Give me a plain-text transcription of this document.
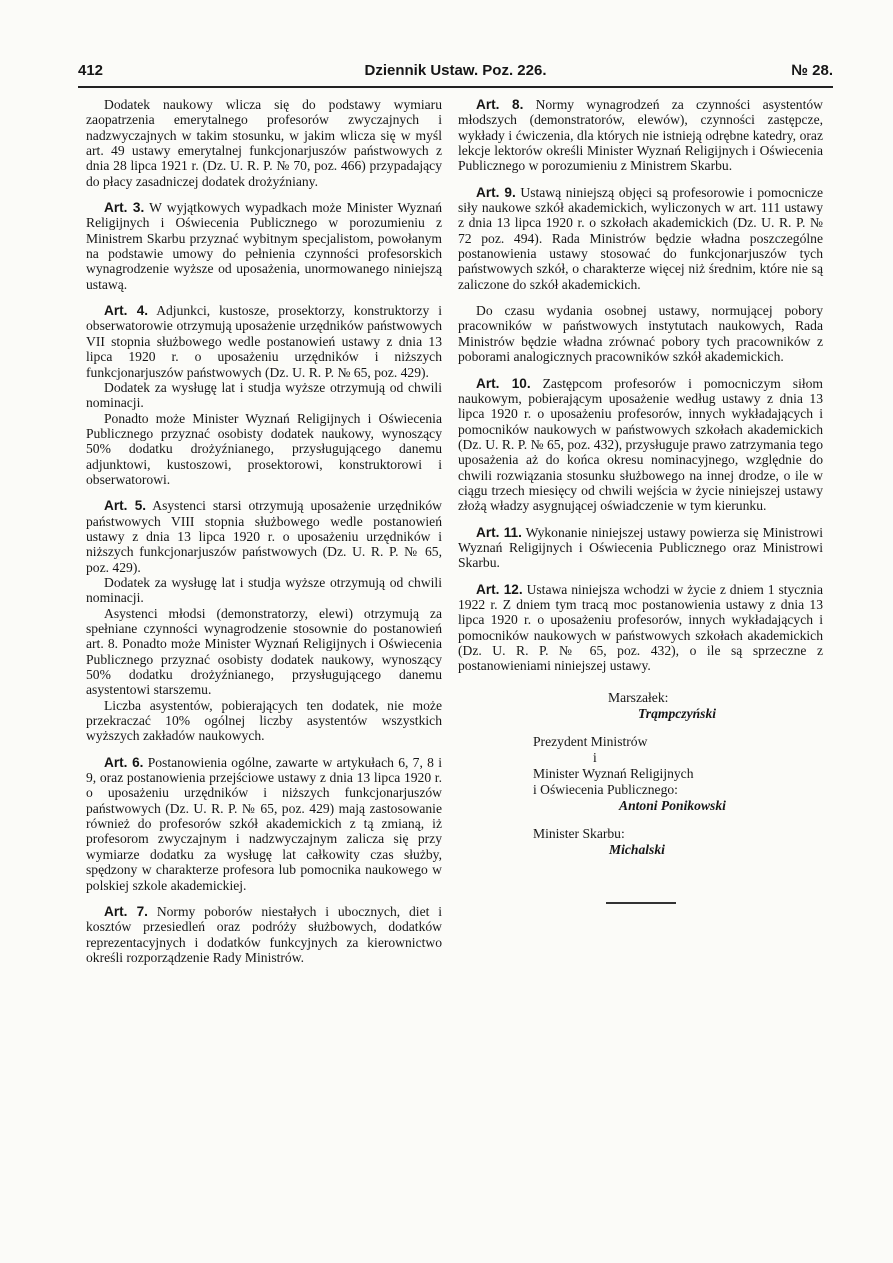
412	Dziennik Ustaw. Poz. 226.	№ 28.

Dodatek naukowy wlicza się do podstawy wymiaru zaopatrzenia emerytalnego profesorów zwyczajnych i nadzwyczajnych w takim stosunku, w jakim wlicza się w myśl art. 49 ustawy emerytalnej funkcjonarjuszów państwowych z dnia 28 lipca 1921 r. (Dz. U. R. P. № 70, poz. 466) przypadający do płacy zasadniczej dodatek drożyźniany.

Art. 3. W wyjątkowych wypadkach może Minister Wyznań Religijnych i Oświecenia Publicznego w porozumieniu z Ministrem Skarbu przyznać wybitnym specjalistom, powołanym na podstawie umowy do pełnienia czynności profesorskich wynagrodzenie wyższe od uposażenia, unormowanego niniejszą ustawą.

Art. 4. Adjunkci, kustosze, prosektorzy, konstruktorzy i obserwatorowie otrzymują uposażenie urzędników państwowych VII stopnia służbowego wedle postanowień ustawy z dnia 13 lipca 1920 r. o uposażeniu urzędników i niższych funkcjonarjuszów państwowych (Dz. U. R. P. № 65, poz. 429).

Dodatek za wysługę lat i studja wyższe otrzymują od chwili nominacji.

Ponadto może Minister Wyznań Religijnych i Oświecenia Publicznego przyznać osobisty dodatek naukowy, wynoszący 50% dodatku drożyźnianego, przysługującego danemu adjunktowi, kustoszowi, prosektorowi, konstruktorowi i obserwatorowi.

Art. 5. Asystenci starsi otrzymują uposażenie urzędników państwowych VIII stopnia służbowego wedle postanowień ustawy z dnia 13 lipca 1920 r. o uposażeniu urzędników i niższych funkcjonarjuszów państwowych (Dz. U. R. P. № 65, poz. 429).

Dodatek za wysługę lat i studja wyższe otrzymują od chwili nominacji.

Asystenci młodsi (demonstratorzy, elewi) otrzymują za spełniane czynności wynagrodzenie stosownie do postanowień art. 8. Ponadto może Minister Wyznań Religijnych i Oświecenia Publicznego przyznać osobisty dodatek naukowy, wynoszący 50% dodatku drożyźnianego, przysługującego danemu asystentowi starszemu.

Liczba asystentów, pobierających ten dodatek, nie może przekraczać 10% ogólnej liczby asystentów wszystkich wyższych zakładów naukowych.

Art. 6. Postanowienia ogólne, zawarte w artykułach 6, 7, 8 i 9, oraz postanowienia przejściowe ustawy z dnia 13 lipca 1920 r. o uposażeniu urzędników i niższych funkcjonarjuszów państwowych (Dz. U. R. P. № 65, poz. 429) mają zastosowanie również do profesorów szkół akademickich z tą zmianą, iż profesorom zwyczajnym i nadzwyczajnym zalicza się przy wymiarze dodatku za wysługę lat całkowity czas służby, spędzony w charakterze profesora lub pomocnika naukowego w polskiej szkole akademickiej.

Art. 7. Normy poborów niestałych i ubocznych, diet i kosztów przesiedleń oraz podróży służbowych, dodatków reprezentacyjnych i dodatków funkcyjnych za kierownictwo określi rozporządzenie Rady Ministrów.

Art. 8. Normy wynagrodzeń za czynności asystentów młodszych (demonstratorów, elewów), czynności zastępcze, wykłady i ćwiczenia, dla których nie istnieją odrębne katedry, oraz lekcje lektorów określi Minister Wyznań Religijnych i Oświecenia Publicznego w porozumieniu z Ministrem Skarbu.

Art. 9. Ustawą niniejszą objęci są profesorowie i pomocnicze siły naukowe szkół akademickich, wyliczonych w art. 111 ustawy z dnia 13 lipca 1920 r. o szkołach akademickich (Dz. U. R. P. № 72 poz. 494). Rada Ministrów będzie władna poszczególne postanowienia ustawy stosować do funkcjonarjuszów tych państwowych szkół, o charakterze więcej niż średnim, które nie są zaliczone do szkół akademickich.

Do czasu wydania osobnej ustawy, normującej pobory pracowników w państwowych instytutach naukowych, Rada Ministrów będzie władna zrównać pobory tych pracowników z poborami analogicznych pracowników szkół akademickich.

Art. 10. Zastępcom profesorów i pomocniczym siłom naukowym, pobierającym uposażenie według ustawy z dnia 13 lipca 1920 r. o uposażeniu profesorów, innych wykładających i pomocników naukowych w państwowych szkołach akademickich (Dz. U. R. P. № 65, poz. 432), przysługuje prawo zatrzymania tego uposażenia aż do końca okresu nominacyjnego, względnie do chwili rozwiązania stosunku służbowego na innej drodze, o ile w ciągu trzech miesięcy od chwili wejścia w życie niniejszej ustawy złożą władzy asygnującej oświadczenie w tym kierunku.

Art. 11. Wykonanie niniejszej ustawy powierza się Ministrowi Wyznań Religijnych i Oświecenia Publicznego oraz Ministrowi Skarbu.

Art. 12. Ustawa niniejsza wchodzi w życie z dniem 1 stycznia 1922 r. Z dniem tym tracą moc postanowienia ustawy z dnia 13 lipca 1920 r. o uposażeniu profesorów, innych wykładających i pomocników naukowych w państwowych szkołach akademickich (Dz. U. R. P. № 65, poz. 432), o ile są sprzeczne z postanowieniami niniejszej ustawy.

Marszałek:
Trąmpczyński
Prezydent Ministrów
i
Minister Wyznań Religijnych
i Oświecenia Publicznego:
Antoni Ponikowski
Minister Skarbu:
Michalski
